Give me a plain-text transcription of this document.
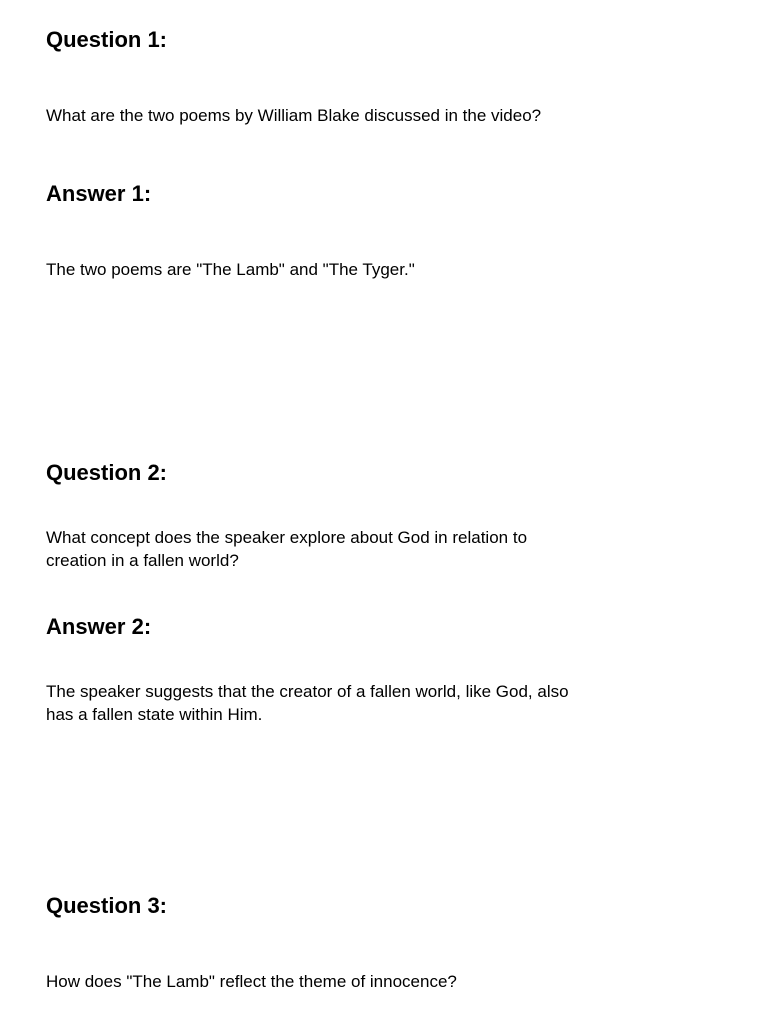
Question 1:

What are the two poems by William Blake discussed in the video?

Answer 1:

The two poems are "The Lamb" and "The Tyger."

Question 2:

What concept does the speaker explore about God in relation to creation in a fallen world?

Answer 2:

The speaker suggests that the creator of a fallen world, like God, also has a fallen state within Him.

Question 3:

How does "The Lamb" reflect the theme of innocence?
